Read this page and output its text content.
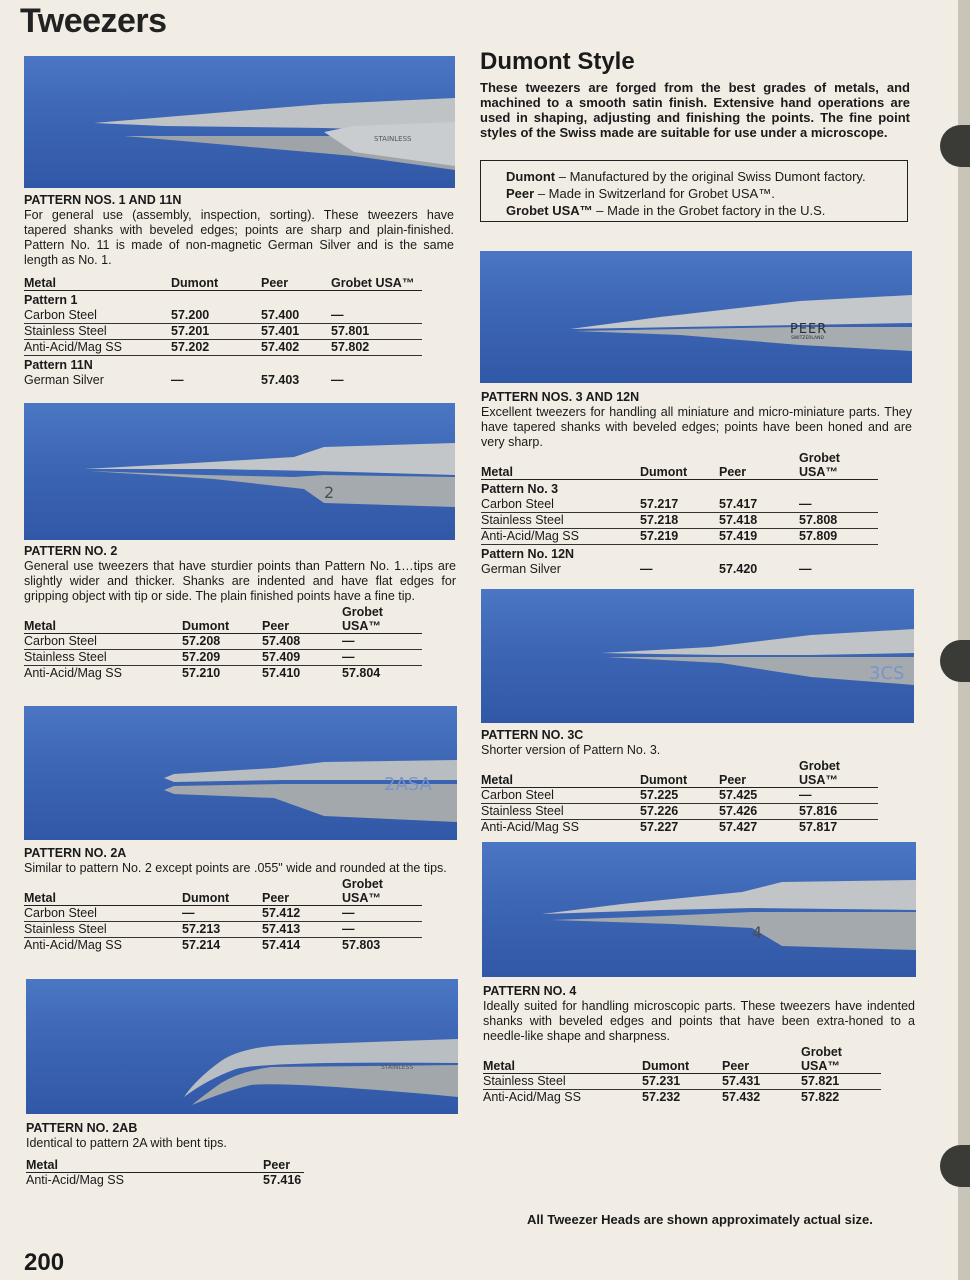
Tweezers
Dumont Style

These tweezers are forged from the best grades of metals, and machined to a smooth satin finish. Extensive hand operations are used in shaping, adjusting and finishing the points. The fine point styles of the Swiss made are suitable for use under a microscope.

Dumont – Manufactured by the original Swiss Dumont factory.
Peer – Made in Switzerland for Grobet USA™.
Grobet USA™ – Made in the Grobet factory in the U.S.
STAINLESS

PATTERN NOS. 1 AND 11N

For general use (assembly, inspection, sorting). These tweezers have tapered shanks with beveled edges; points are sharp and plain-finished. Pattern No. 11 is made of non-magnetic German Silver and is the same length as No. 1.

Metal	Dumont	Peer	Grobet USA™
Pattern 1			
Carbon Steel	57.200	57.400	—
Stainless Steel	57.201	57.401	57.801
Anti-Acid/Mag SS	57.202	57.402	57.802
Pattern 11N			
German Silver	—	57.403	—
2

PATTERN NO. 2

General use tweezers that have sturdier points than Pattern No. 1…tips are slightly wider and thicker. Shanks are indented and have flat edges for gripping object with tip or side. The plain finished points have a fine tip.

Metal	Dumont	Peer	Grobet USA™
Carbon Steel	57.208	57.408	—
Stainless Steel	57.209	57.409	—
Anti-Acid/Mag SS	57.210	57.410	57.804
2ASA

PATTERN NO. 2A

Similar to pattern No. 2 except points are .055" wide and rounded at the tips.

Metal	Dumont	Peer	Grobet USA™
Carbon Steel	—	57.412	—
Stainless Steel	57.213	57.413	—
Anti-Acid/Mag SS	57.214	57.414	57.803
STAINLESS

PATTERN NO. 2AB

Identical to pattern 2A with bent tips.

Metal	Peer
Anti-Acid/Mag SS	57.416
PEER
SWITZERLAND

PATTERN NOS. 3 AND 12N

Excellent tweezers for handling all miniature and micro-miniature parts. They have tapered shanks with beveled edges; points have been honed and are very sharp.

Metal	Dumont	Peer	Grobet USA™
Pattern No. 3			
Carbon Steel	57.217	57.417	—
Stainless Steel	57.218	57.418	57.808
Anti-Acid/Mag SS	57.219	57.419	57.809
Pattern No. 12N			
German Silver	—	57.420	—
3CS

PATTERN NO. 3C

Shorter version of Pattern No. 3.

Metal	Dumont	Peer	Grobet USA™
Carbon Steel	57.225	57.425	—
Stainless Steel	57.226	57.426	57.816
Anti-Acid/Mag SS	57.227	57.427	57.817
4

PATTERN NO. 4

Ideally suited for handling microscopic parts. These tweezers have indented shanks with beveled edges and points that have been extra-honed to a needle-like shape and sharpness.

Metal	Dumont	Peer	Grobet USA™
Stainless Steel	57.231	57.431	57.821
Anti-Acid/Mag SS	57.232	57.432	57.822
All Tweezer Heads are shown approximately actual size.
200
